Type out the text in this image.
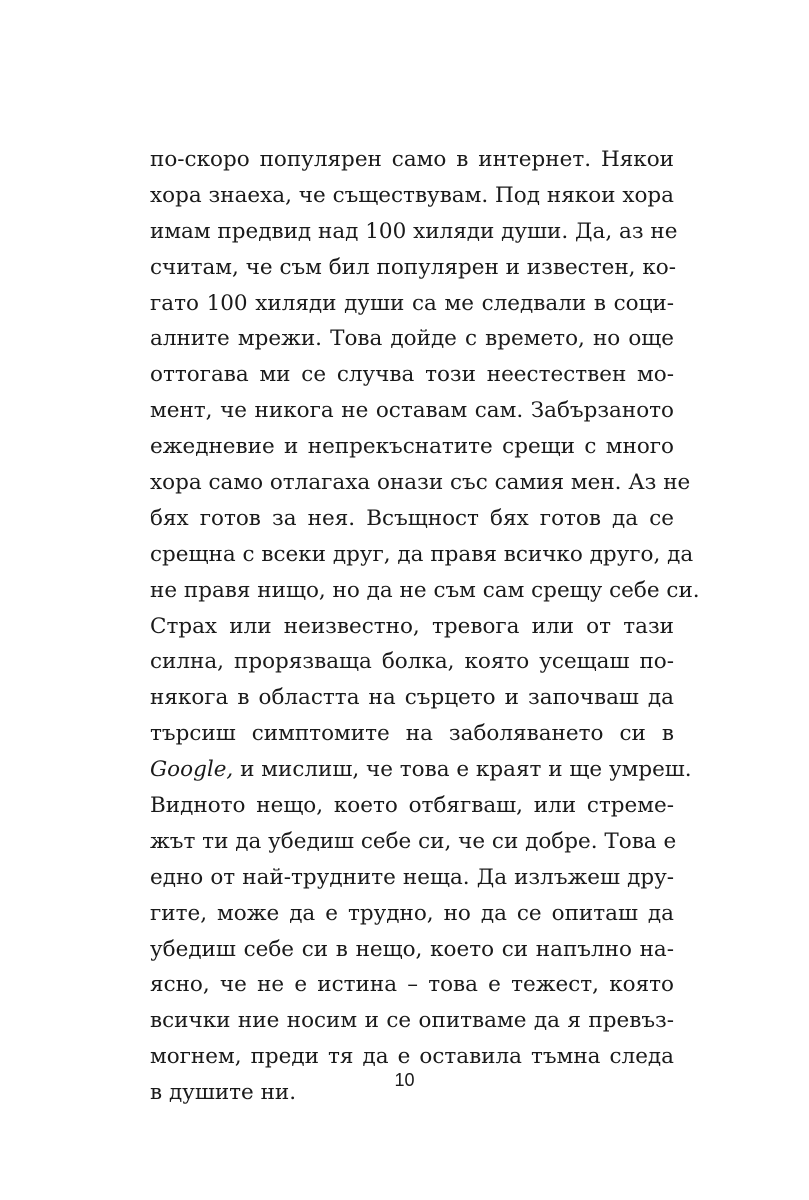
по-скоро популярен само в интернет. Някои
хора знаеха, че съществувам. Под някои хора
имам предвид над 100 хиляди души. Да, аз не
считам, че съм бил популярен и известен, ко-
гато 100 хиляди души са ме следвали в соци-
алните мрежи. Това дойде с времето, но още
оттогава ми се случва този неестествен мо-
мент, че никога не оставам сам. Забързаното
ежедневие и непрекъснатите срещи с много
хора само отлагаха онази със самия мен. Аз не
бях готов за нея. Всъщност бях готов да се
срещна с всеки друг, да правя всичко друго, да
не правя нищо, но да не съм сам срещу себе си.
Страх или неизвестно, тревога или от тази
силна, прорязваща болка, която усещаш по-
някога в областта на сърцето и започваш да
търсиш симптомите на заболяването си в
Google, и мислиш, че това е краят и ще умреш.
Видното нещо, което отбягваш, или стреме-
жът ти да убедиш себе си, че си добре. Това е
едно от най-трудните неща. Да излъжеш дру-
гите, може да е трудно, но да се опиташ да
убедиш себе си в нещо, което си напълно на-
ясно, че не е истина – това е тежест, която
всички ние носим и се опитваме да я превъз-
могнем, преди тя да е оставила тъмна следа
в душите ни.
10
